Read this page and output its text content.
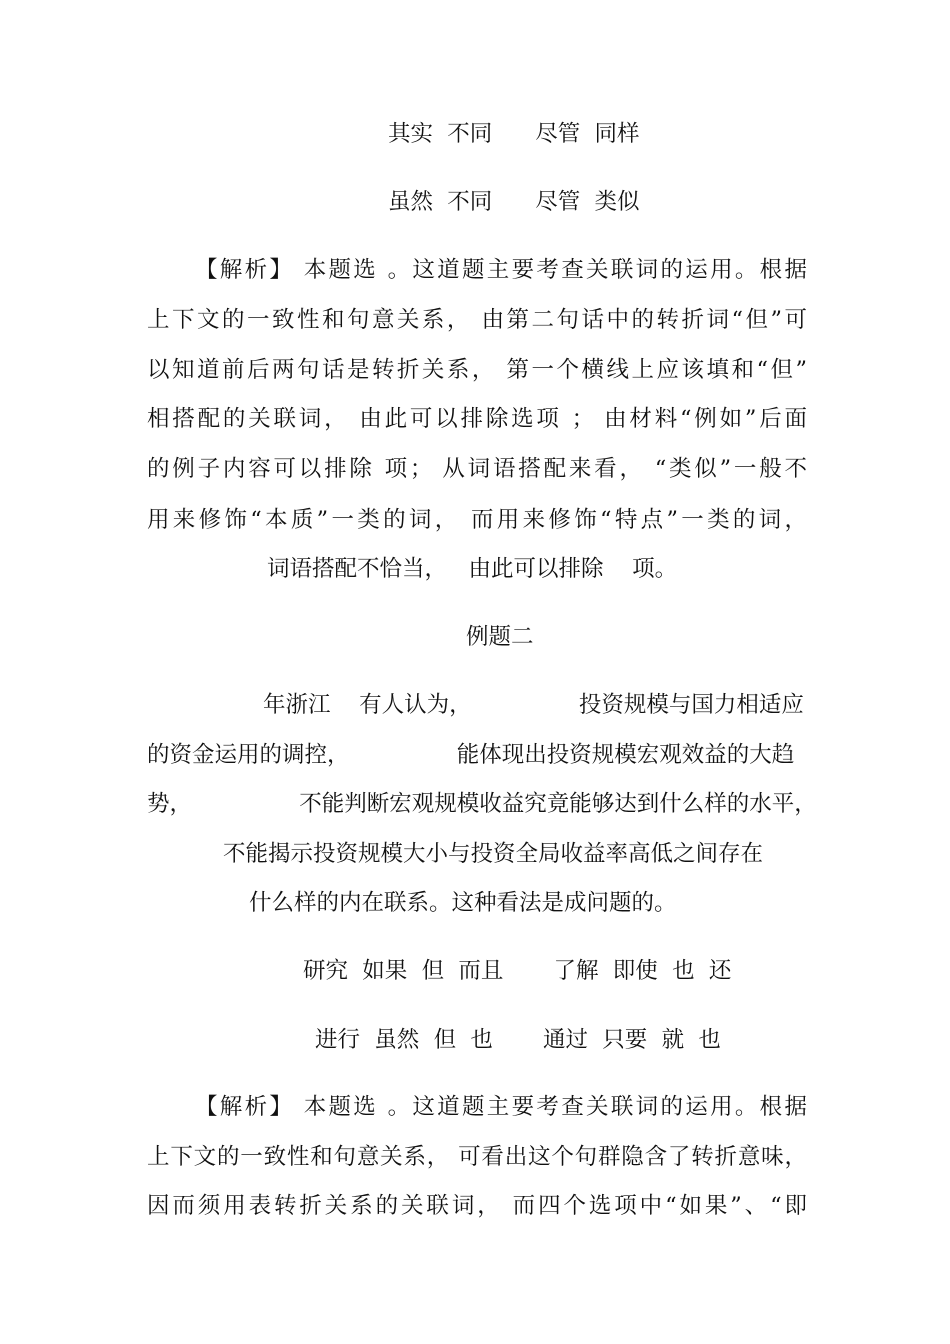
其实  不同      尽管  同样
虽然  不同      尽管  类似
【解析】 本题选 。这道题主要考查关联词的运用。根据
上下文的一致性和句意关系， 由第二句话中的转折词“但”可
以知道前后两句话是转折关系， 第一个横线上应该填和“但”
相搭配的关联词， 由此可以排除选项 ； 由材料“例如”后面
的例子内容可以排除 项； 从词语搭配来看， “类似”一般不
用来修饰“本质”一类的词， 而用来修饰“特点”一类的词，
词语搭配不恰当，   由此可以排除    项。
例题二
年浙江    有人认为，               投资规模与国力相适应
的资金运用的调控，               能体现出投资规模宏观效益的大趋
势，               不能判断宏观规模收益究竟能够达到什么样的水平，
不能揭示投资规模大小与投资全局收益率高低之间存在
什么样的内在联系。这种看法是成问题的。
研究  如果  但  而且       了解  即使  也  还
进行  虽然  但  也       通过  只要  就  也
【解析】 本题选 。这道题主要考查关联词的运用。根据
上下文的一致性和句意关系， 可看出这个句群隐含了转折意味，
因而须用表转折关系的关联词， 而四个选项中“如果”、“即
